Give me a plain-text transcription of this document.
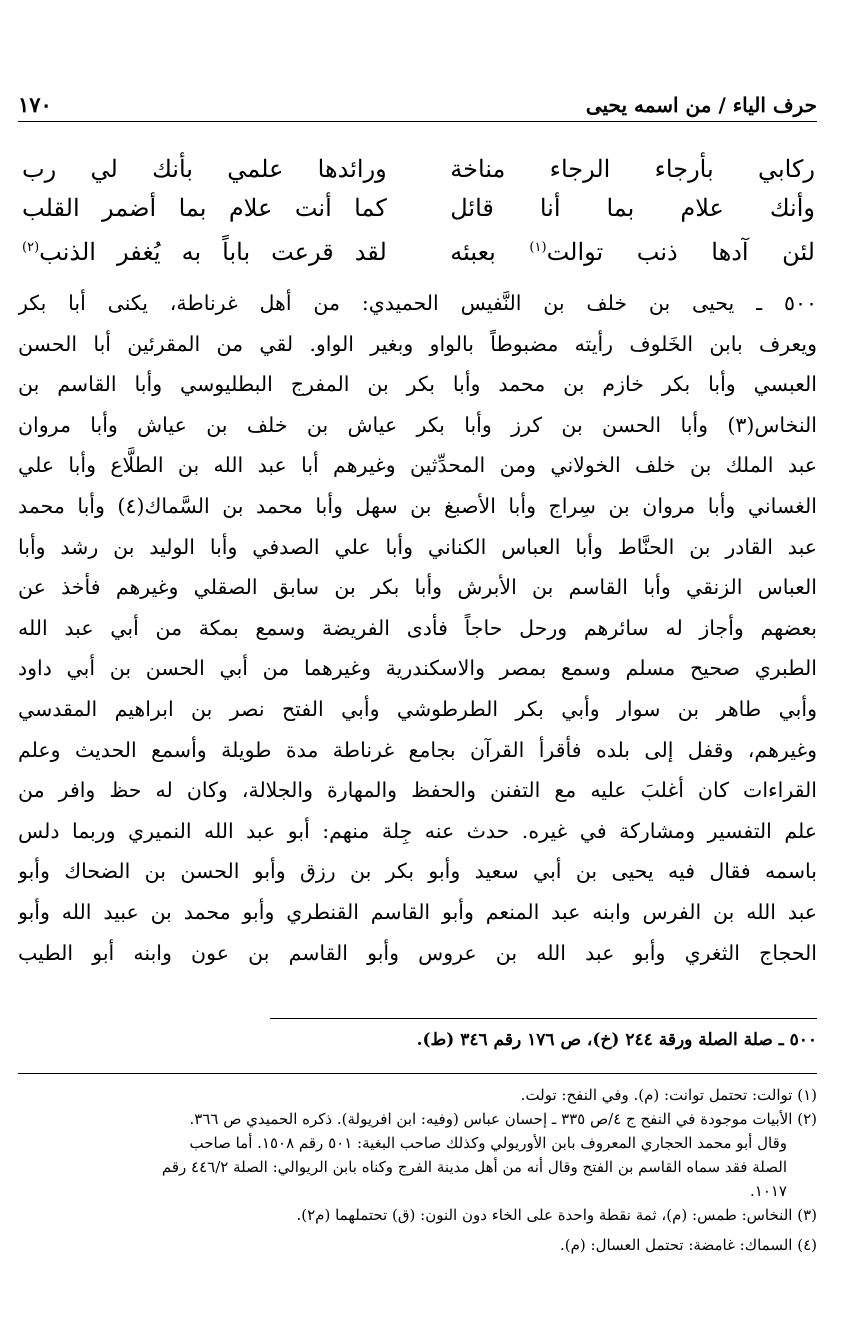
حرف الياء / من اسمه يحيى
١٧٠
ركابي بأرجاء الرجاء مناخة
ورائدها علمي بأنك لي رب
وأنك علام بما أنا قائل
كما أنت علام بما أضمر القلب
لئن آدها ذنب توالت$^{(١)}$ بعبئه
لقد قرعت باباً به يُغفر الذنب$^{(٢)}$
٥٠٠ ـ يحيى بن خلف بن النَّفيس الحميدي: من أهل غرناطة، يكنى أبا بكر
ويعرف بابن الخَلوف رأيته مضبوطاً بالواو وبغير الواو. لقي من المقرئين أبا الحسن
العبسي وأبا بكر خازم بن محمد وأبا بكر بن المفرج البطليوسي وأبا القاسم بن
النخاس(٣) وأبا الحسن بن كرز وأبا بكر عياش بن خلف بن عياش وأبا مروان
عبد الملك بن خلف الخولاني ومن المحدِّثين وغيرهم أبا عبد الله بن الطلَّاع وأبا علي
الغساني وأبا مروان بن سِراج وأبا الأصبغ بن سهل وأبا محمد بن السَّماك(٤) وأبا محمد
عبد القادر بن الحنَّاط وأبا العباس الكناني وأبا علي الصدفي وأبا الوليد بن رشد وأبا
العباس الزنقي وأبا القاسم بن الأبرش وأبا بكر بن سابق الصقلي وغيرهم فأخذ عن
بعضهم وأجاز له سائرهم ورحل حاجاً فأدى الفريضة وسمع بمكة من أبي عبد الله
الطبري صحيح مسلم وسمع بمصر والاسكندرية وغيرهما من أبي الحسن بن أبي داود
وأبي طاهر بن سوار وأبي بكر الطرطوشي وأبي الفتح نصر بن ابراهيم المقدسي
وغيرهم، وقفل إلى بلده فأقرأ القرآن بجامع غرناطة مدة طويلة وأسمع الحديث وعلم
القراءات كان أغلبَ عليه مع التفنن والحفظ والمهارة والجلالة، وكان له حظ وافر من
علم التفسير ومشاركة في غيره. حدث عنه جِلة منهم: أبو عبد الله النميري وربما دلس
باسمه فقال فيه يحيى بن أبي سعيد وأبو بكر بن رزق وأبو الحسن بن الضحاك وأبو
عبد الله بن الفرس وابنه عبد المنعم وأبو القاسم القنطري وأبو محمد بن عبيد الله وأبو
الحجاج الثغري وأبو عبد الله بن عروس وأبو القاسم بن عون وابنه أبو الطيب
٥٠٠ ـ صلة الصلة ورقة ٢٤٤ (خ)، ص ١٧٦ رقم ٣٤٦ (ط).
(١) توالت: تحتمل توانت: (م). وفي النفح: تولت.
(٢) الأبيات موجودة في النفح ج ٤/ص ٣٣٥ ـ إحسان عباس (وفيه: ابن افريولة). ذكره الحميدي ص ٣٦٦.
وقال أبو محمد الحجاري المعروف بابن الأوريولي وكذلك صاحب البغية: ٥٠١ رقم ١٥٠٨. أما صاحب
الصلة فقد سماه القاسم بن الفتح وقال أنه من أهل مدينة الفرج وكناه بابن الريوالي: الصلة ٤٤٦/٢ رقم
١٠١٧.
(٣) النخاس: طمس: (م)، ثمة نقطة واحدة على الخاء دون النون: (ق) تحتملهما (م٢).
(٤) السماك: غامضة: تحتمل العسال: (م).
